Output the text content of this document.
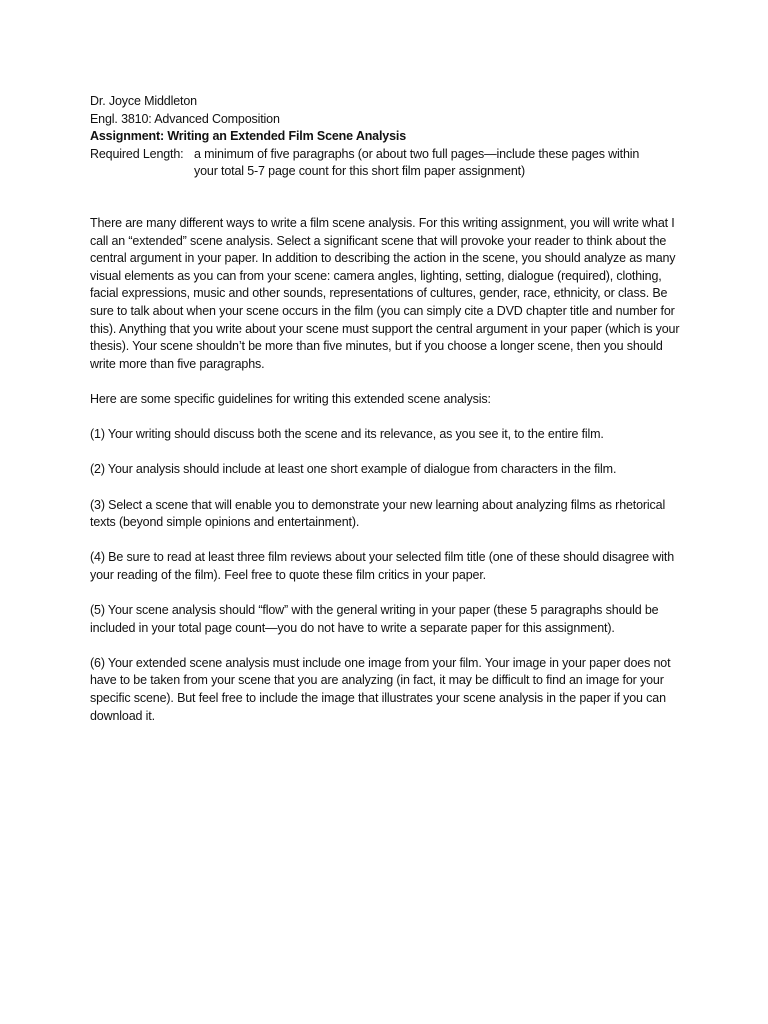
Dr. Joyce Middleton
Engl. 3810: Advanced Composition
Assignment: Writing an Extended Film Scene Analysis
Required Length: a minimum of five paragraphs (or about two full pages—include these pages within
your total 5-7 page count for this short film paper assignment)

There are many different ways to write a film scene analysis. For this writing assignment, you will write what I call an “extended” scene analysis. Select a significant scene that will provoke your reader to think about the central argument in your paper. In addition to describing the action in the scene, you should analyze as many visual elements as you can from your scene: camera angles, lighting, setting, dialogue (required), clothing, facial expressions, music and other sounds, representations of cultures, gender, race, ethnicity, or class. Be sure to talk about when your scene occurs in the film (you can simply cite a DVD chapter title and number for this). Anything that you write about your scene must support the central argument in your paper (which is your thesis). Your scene shouldn’t be more than five minutes, but if you choose a longer scene, then you should write more than five paragraphs.

Here are some specific guidelines for writing this extended scene analysis:

(1) Your writing should discuss both the scene and its relevance, as you see it, to the entire film.

(2) Your analysis should include at least one short example of dialogue from characters in the film.

(3) Select a scene that will enable you to demonstrate your new learning about analyzing films as rhetorical texts (beyond simple opinions and entertainment).

(4) Be sure to read at least three film reviews about your selected film title (one of these should disagree with your reading of the film). Feel free to quote these film critics in your paper.

(5) Your scene analysis should “flow” with the general writing in your paper (these 5 paragraphs should be included in your total page count—you do not have to write a separate paper for this assignment).

(6) Your extended scene analysis must include one image from your film. Your image in your paper does not have to be taken from your scene that you are analyzing (in fact, it may be difficult to find an image for your specific scene). But feel free to include the image that illustrates your scene analysis in the paper if you can download it.
